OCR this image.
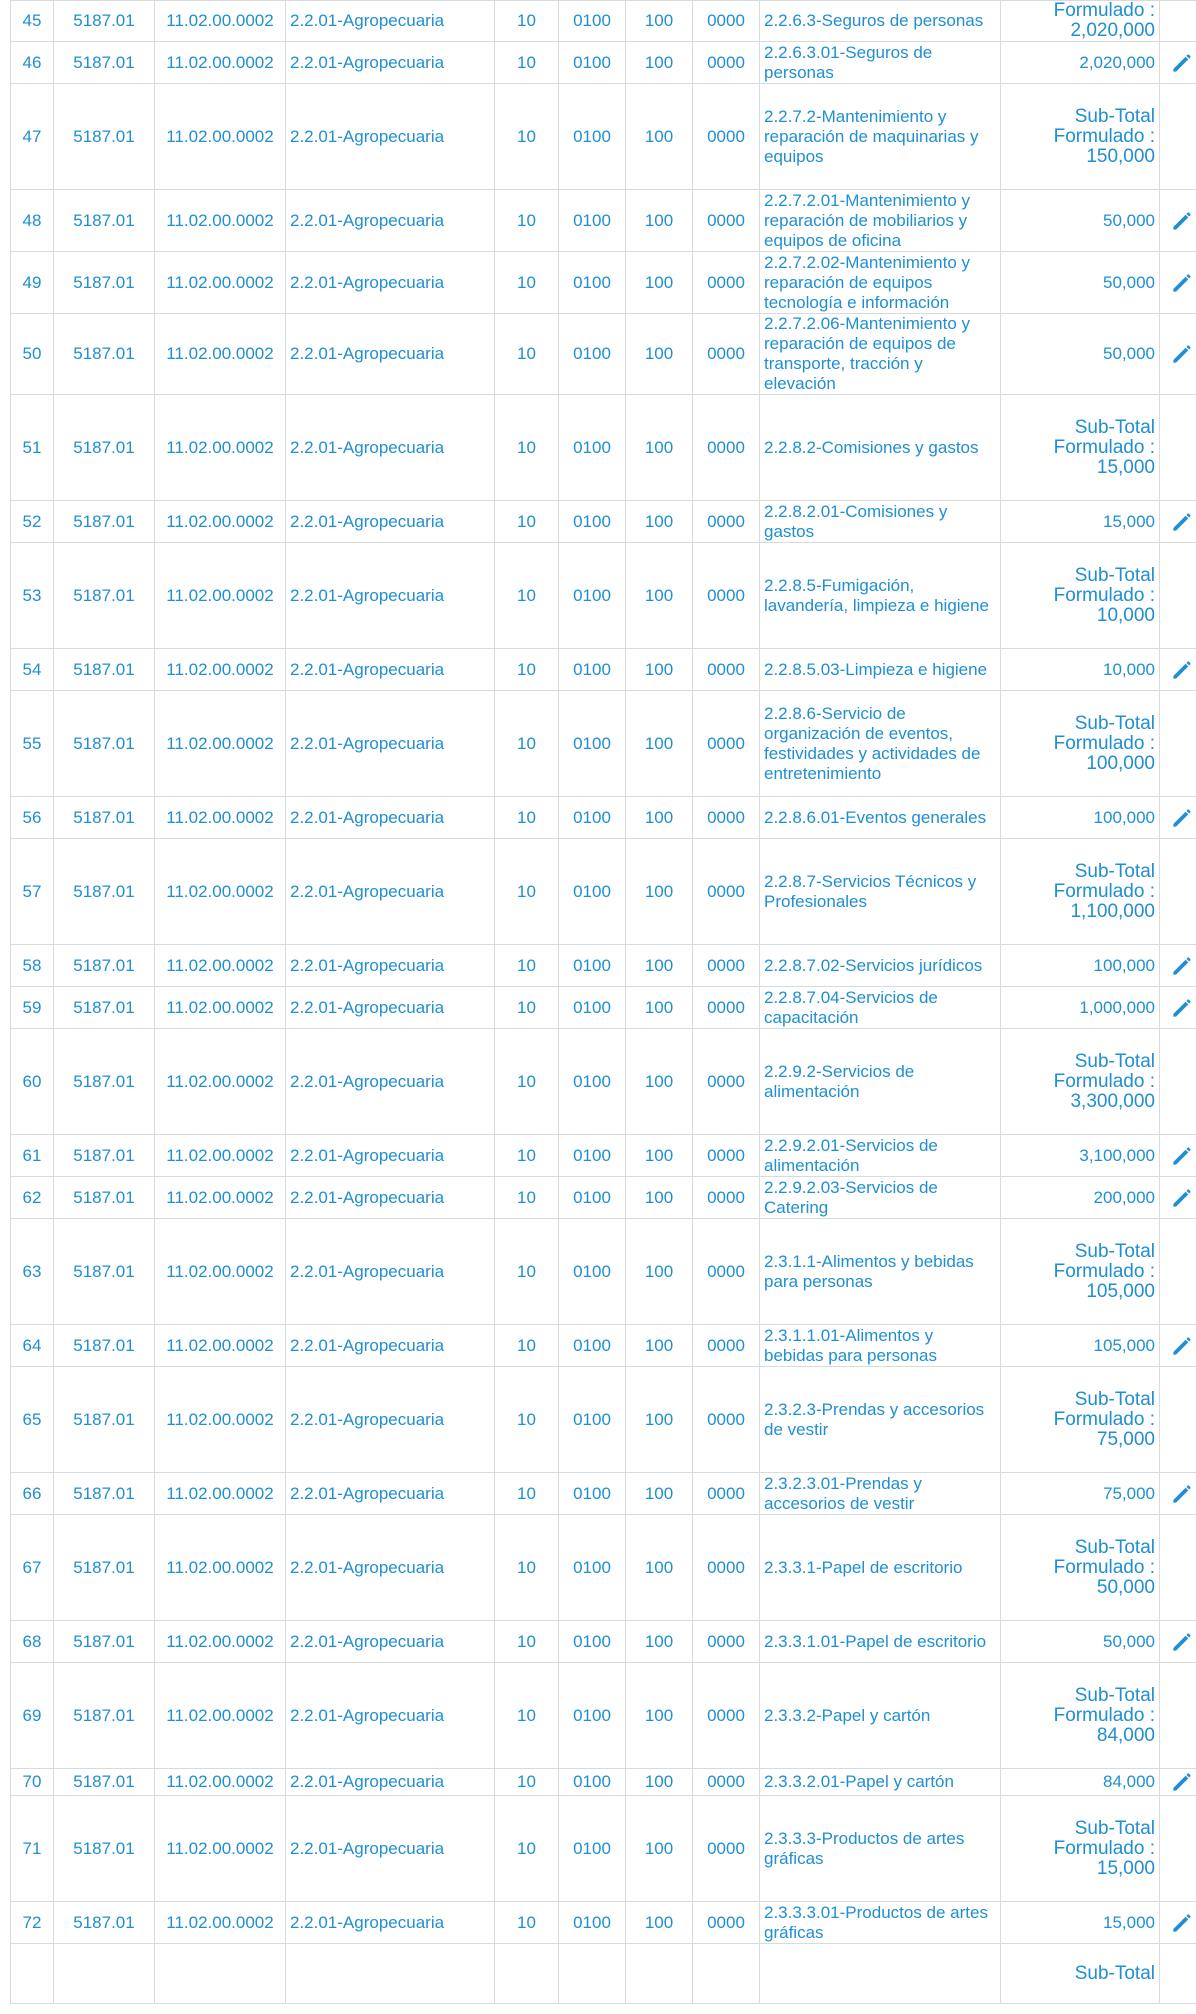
45	5187.01	11.02.00.0002	2.2.01-Agropecuaria	10	0100	100	0000	2.2.6.3-Seguros de personas	Formulado :
2,020,000	

46	5187.01	11.02.00.0002	2.2.01-Agropecuaria	10	0100	100	0000	2.2.6.3.01-Seguros de personas	2,020,000	

47	5187.01	11.02.00.0002	2.2.01-Agropecuaria	10	0100	100	0000	2.2.7.2-Mantenimiento y reparación de maquinarias y equipos	Sub-Total
Formulado :
150,000	

48	5187.01	11.02.00.0002	2.2.01-Agropecuaria	10	0100	100	0000	2.2.7.2.01-Mantenimiento y reparación de mobiliarios y equipos de oficina	50,000	

49	5187.01	11.02.00.0002	2.2.01-Agropecuaria	10	0100	100	0000	2.2.7.2.02-Mantenimiento y reparación de equipos tecnología e información	50,000	

50	5187.01	11.02.00.0002	2.2.01-Agropecuaria	10	0100	100	0000	2.2.7.2.06-Mantenimiento y reparación de equipos de transporte, tracción y elevación	50,000	

51	5187.01	11.02.00.0002	2.2.01-Agropecuaria	10	0100	100	0000	2.2.8.2-Comisiones y gastos	Sub-Total
Formulado :
15,000	

52	5187.01	11.02.00.0002	2.2.01-Agropecuaria	10	0100	100	0000	2.2.8.2.01-Comisiones y gastos	15,000	

53	5187.01	11.02.00.0002	2.2.01-Agropecuaria	10	0100	100	0000	2.2.8.5-Fumigación, lavandería, limpieza e higiene	Sub-Total
Formulado :
10,000	

54	5187.01	11.02.00.0002	2.2.01-Agropecuaria	10	0100	100	0000	2.2.8.5.03-Limpieza e higiene	10,000	

55	5187.01	11.02.00.0002	2.2.01-Agropecuaria	10	0100	100	0000	2.2.8.6-Servicio de organización de eventos, festividades y actividades de entretenimiento	Sub-Total
Formulado :
100,000	

56	5187.01	11.02.00.0002	2.2.01-Agropecuaria	10	0100	100	0000	2.2.8.6.01-Eventos generales	100,000	

57	5187.01	11.02.00.0002	2.2.01-Agropecuaria	10	0100	100	0000	2.2.8.7-Servicios Técnicos y Profesionales	Sub-Total
Formulado :
1,100,000	

58	5187.01	11.02.00.0002	2.2.01-Agropecuaria	10	0100	100	0000	2.2.8.7.02-Servicios jurídicos	100,000	

59	5187.01	11.02.00.0002	2.2.01-Agropecuaria	10	0100	100	0000	2.2.8.7.04-Servicios de capacitación	1,000,000	

60	5187.01	11.02.00.0002	2.2.01-Agropecuaria	10	0100	100	0000	2.2.9.2-Servicios de alimentación	Sub-Total
Formulado :
3,300,000	

61	5187.01	11.02.00.0002	2.2.01-Agropecuaria	10	0100	100	0000	2.2.9.2.01-Servicios de alimentación	3,100,000	

62	5187.01	11.02.00.0002	2.2.01-Agropecuaria	10	0100	100	0000	2.2.9.2.03-Servicios de Catering	200,000	

63	5187.01	11.02.00.0002	2.2.01-Agropecuaria	10	0100	100	0000	2.3.1.1-Alimentos y bebidas para personas	Sub-Total
Formulado :
105,000	

64	5187.01	11.02.00.0002	2.2.01-Agropecuaria	10	0100	100	0000	2.3.1.1.01-Alimentos y bebidas para personas	105,000	

65	5187.01	11.02.00.0002	2.2.01-Agropecuaria	10	0100	100	0000	2.3.2.3-Prendas y accesorios de vestir	Sub-Total
Formulado :
75,000	

66	5187.01	11.02.00.0002	2.2.01-Agropecuaria	10	0100	100	0000	2.3.2.3.01-Prendas y accesorios de vestir	75,000	

67	5187.01	11.02.00.0002	2.2.01-Agropecuaria	10	0100	100	0000	2.3.3.1-Papel de escritorio	Sub-Total
Formulado :
50,000	

68	5187.01	11.02.00.0002	2.2.01-Agropecuaria	10	0100	100	0000	2.3.3.1.01-Papel de escritorio	50,000	

69	5187.01	11.02.00.0002	2.2.01-Agropecuaria	10	0100	100	0000	2.3.3.2-Papel y cartón	Sub-Total
Formulado :
84,000	

70	5187.01	11.02.00.0002	2.2.01-Agropecuaria	10	0100	100	0000	2.3.3.2.01-Papel y cartón	84,000	

71	5187.01	11.02.00.0002	2.2.01-Agropecuaria	10	0100	100	0000	2.3.3.3-Productos de artes gráficas	Sub-Total
Formulado :
15,000	

72	5187.01	11.02.00.0002	2.2.01-Agropecuaria	10	0100	100	0000	2.3.3.3.01-Productos de artes gráficas	15,000	

									Sub-Total	
